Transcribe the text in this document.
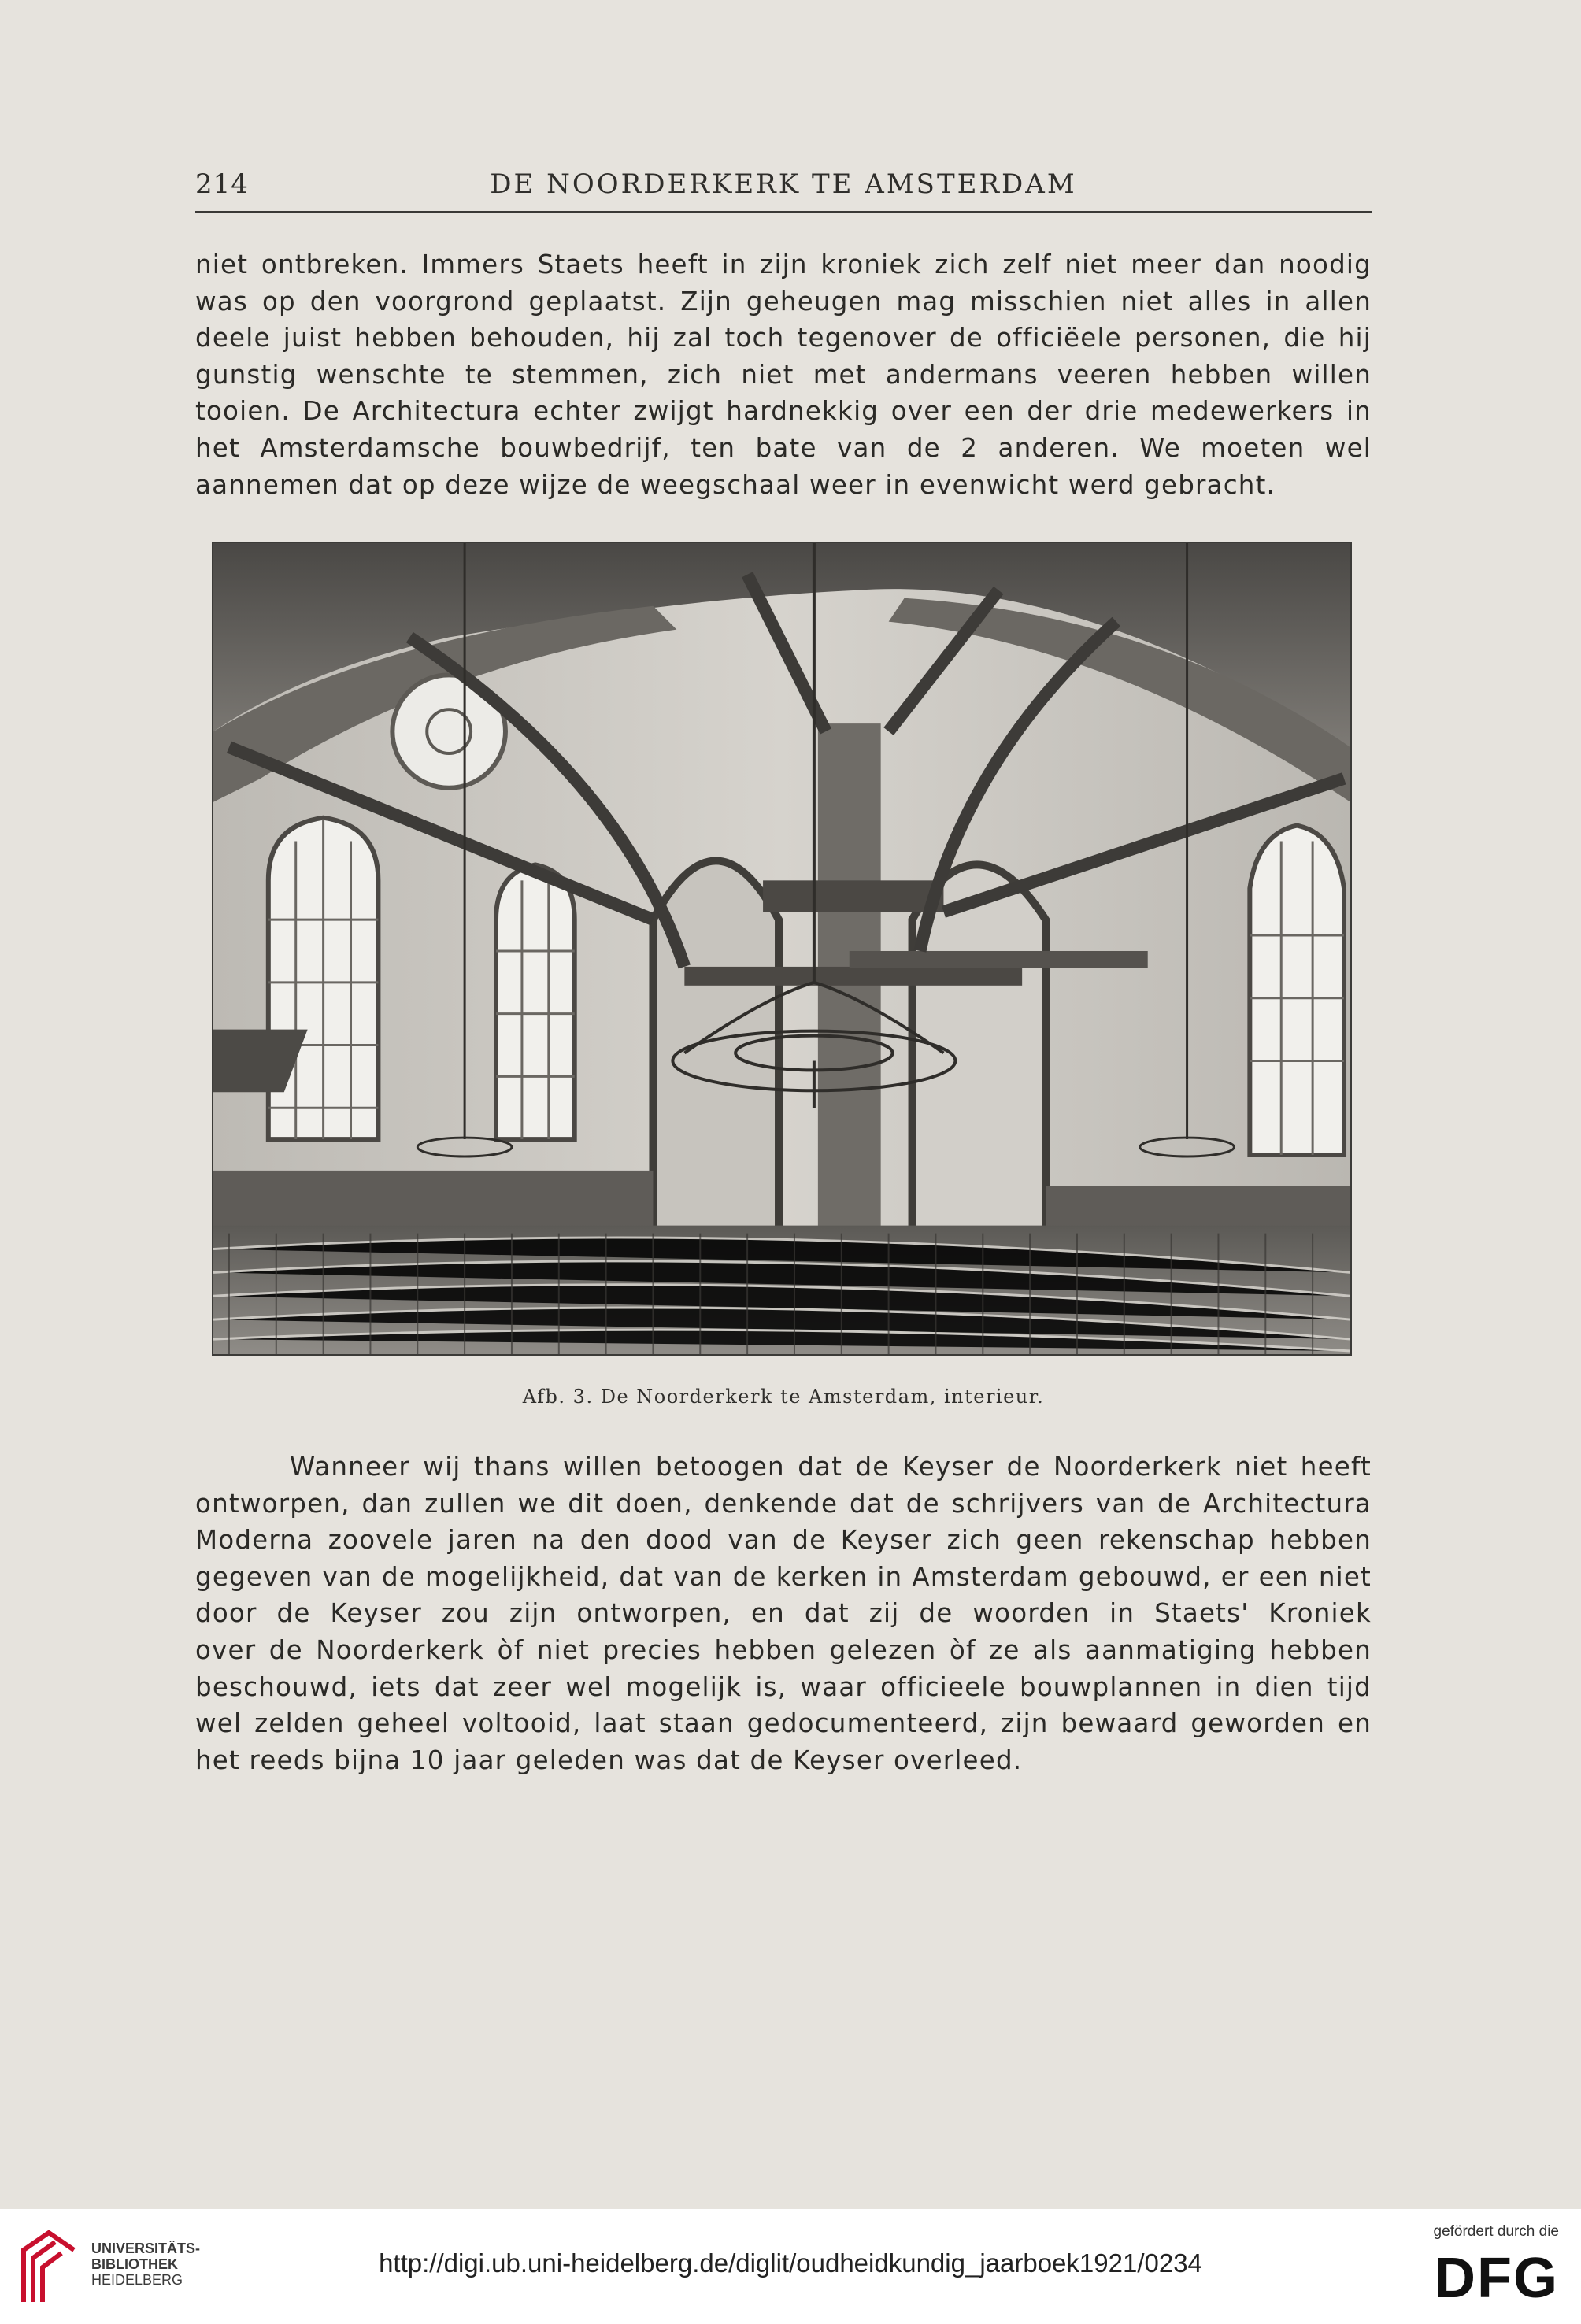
214	DE NOORDERKERK TE AMSTERDAM
niet ontbreken. Immers Staets heeft in zijn kroniek zich zelf niet meer dan noodig
was op den voorgrond geplaatst. Zijn geheugen mag misschien niet alles in allen
deele juist hebben behouden, hij zal toch tegenover de officiëele personen, die hij
gunstig wenschte te stemmen, zich niet met andermans veeren hebben willen
tooien. De Architectura echter zwijgt hardnekkig over een der drie medewerkers in
het Amsterdamsche bouwbedrijf, ten bate van de 2 anderen. We moeten wel
aannemen dat op deze wijze de weegschaal weer in evenwicht werd gebracht.
Afb. 3. De Noorderkerk te Amsterdam, interieur.
Wanneer wij thans willen betoogen dat de Keyser de Noorderkerk niet heeft
ontworpen, dan zullen we dit doen, denkende dat de schrijvers van de Architectura
Moderna zoovele jaren na den dood van de Keyser zich geen rekenschap hebben
gegeven van de mogelijkheid, dat van de kerken in Amsterdam gebouwd, er een niet
door de Keyser zou zijn ontworpen, en dat zij de woorden in Staets' Kroniek
over de Noorderkerk òf niet precies hebben gelezen òf ze als aanmatiging hebben
beschouwd, iets dat zeer wel mogelijk is, waar officieele bouwplannen in dien tijd
wel zelden geheel voltooid, laat staan gedocumenteerd, zijn bewaard geworden en
het reeds bijna 10 jaar geleden was dat de Keyser overleed.
UNIVERSITÄTS-
BIBLIOTHEK
HEIDELBERG
http://digi.ub.uni-heidelberg.de/diglit/oudheidkundig_jaarboek1921/0234
gefördert durch die
DFG
